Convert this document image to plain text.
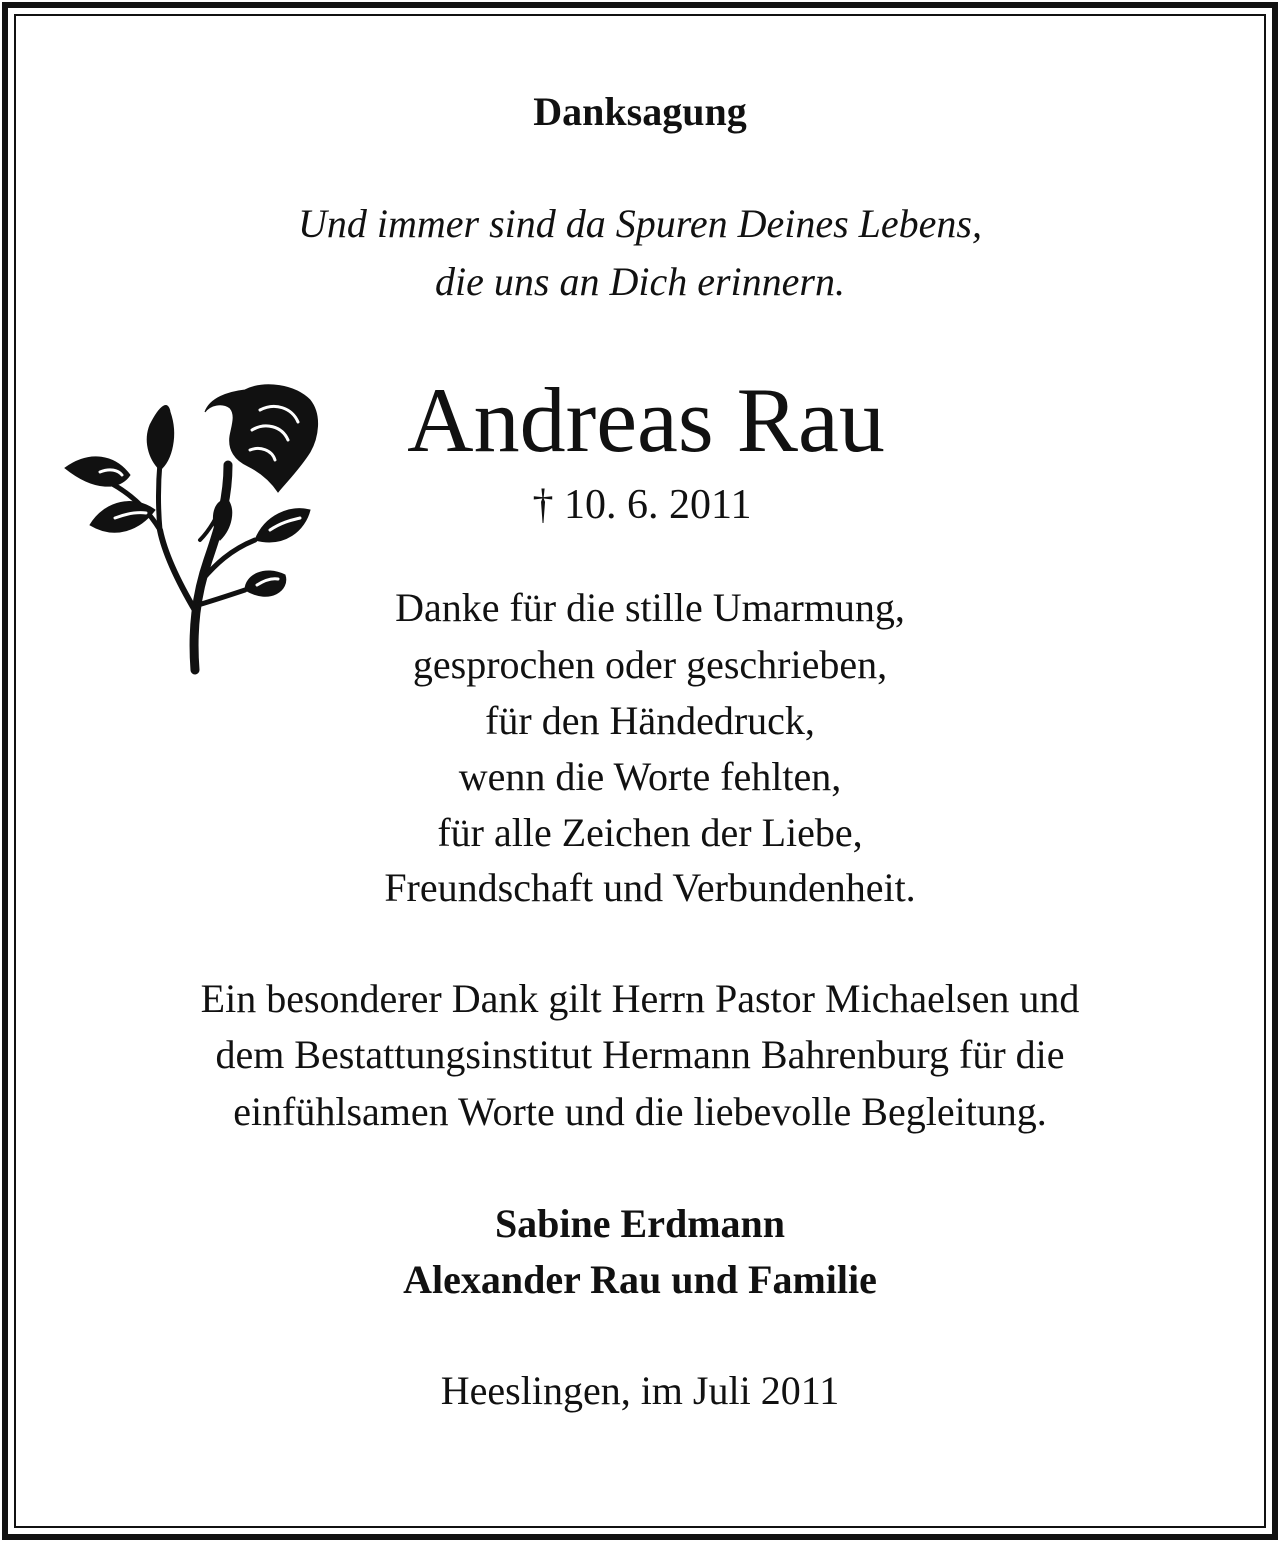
Danksagung
Und immer sind da Spuren Deines Lebens,
die uns an Dich erinnern.
Andreas Rau
† 10. 6. 2011
Danke für die stille Umarmung,
gesprochen oder geschrieben,
für den Händedruck,
wenn die Worte fehlten,
für alle Zeichen der Liebe,
Freundschaft und Verbundenheit.
Ein besonderer Dank gilt Herrn Pastor Michaelsen und
dem Bestattungsinstitut Hermann Bahrenburg für die
einfühlsamen Worte und die liebevolle Begleitung.
Sabine Erdmann
Alexander Rau und Familie
Heeslingen, im Juli 2011
